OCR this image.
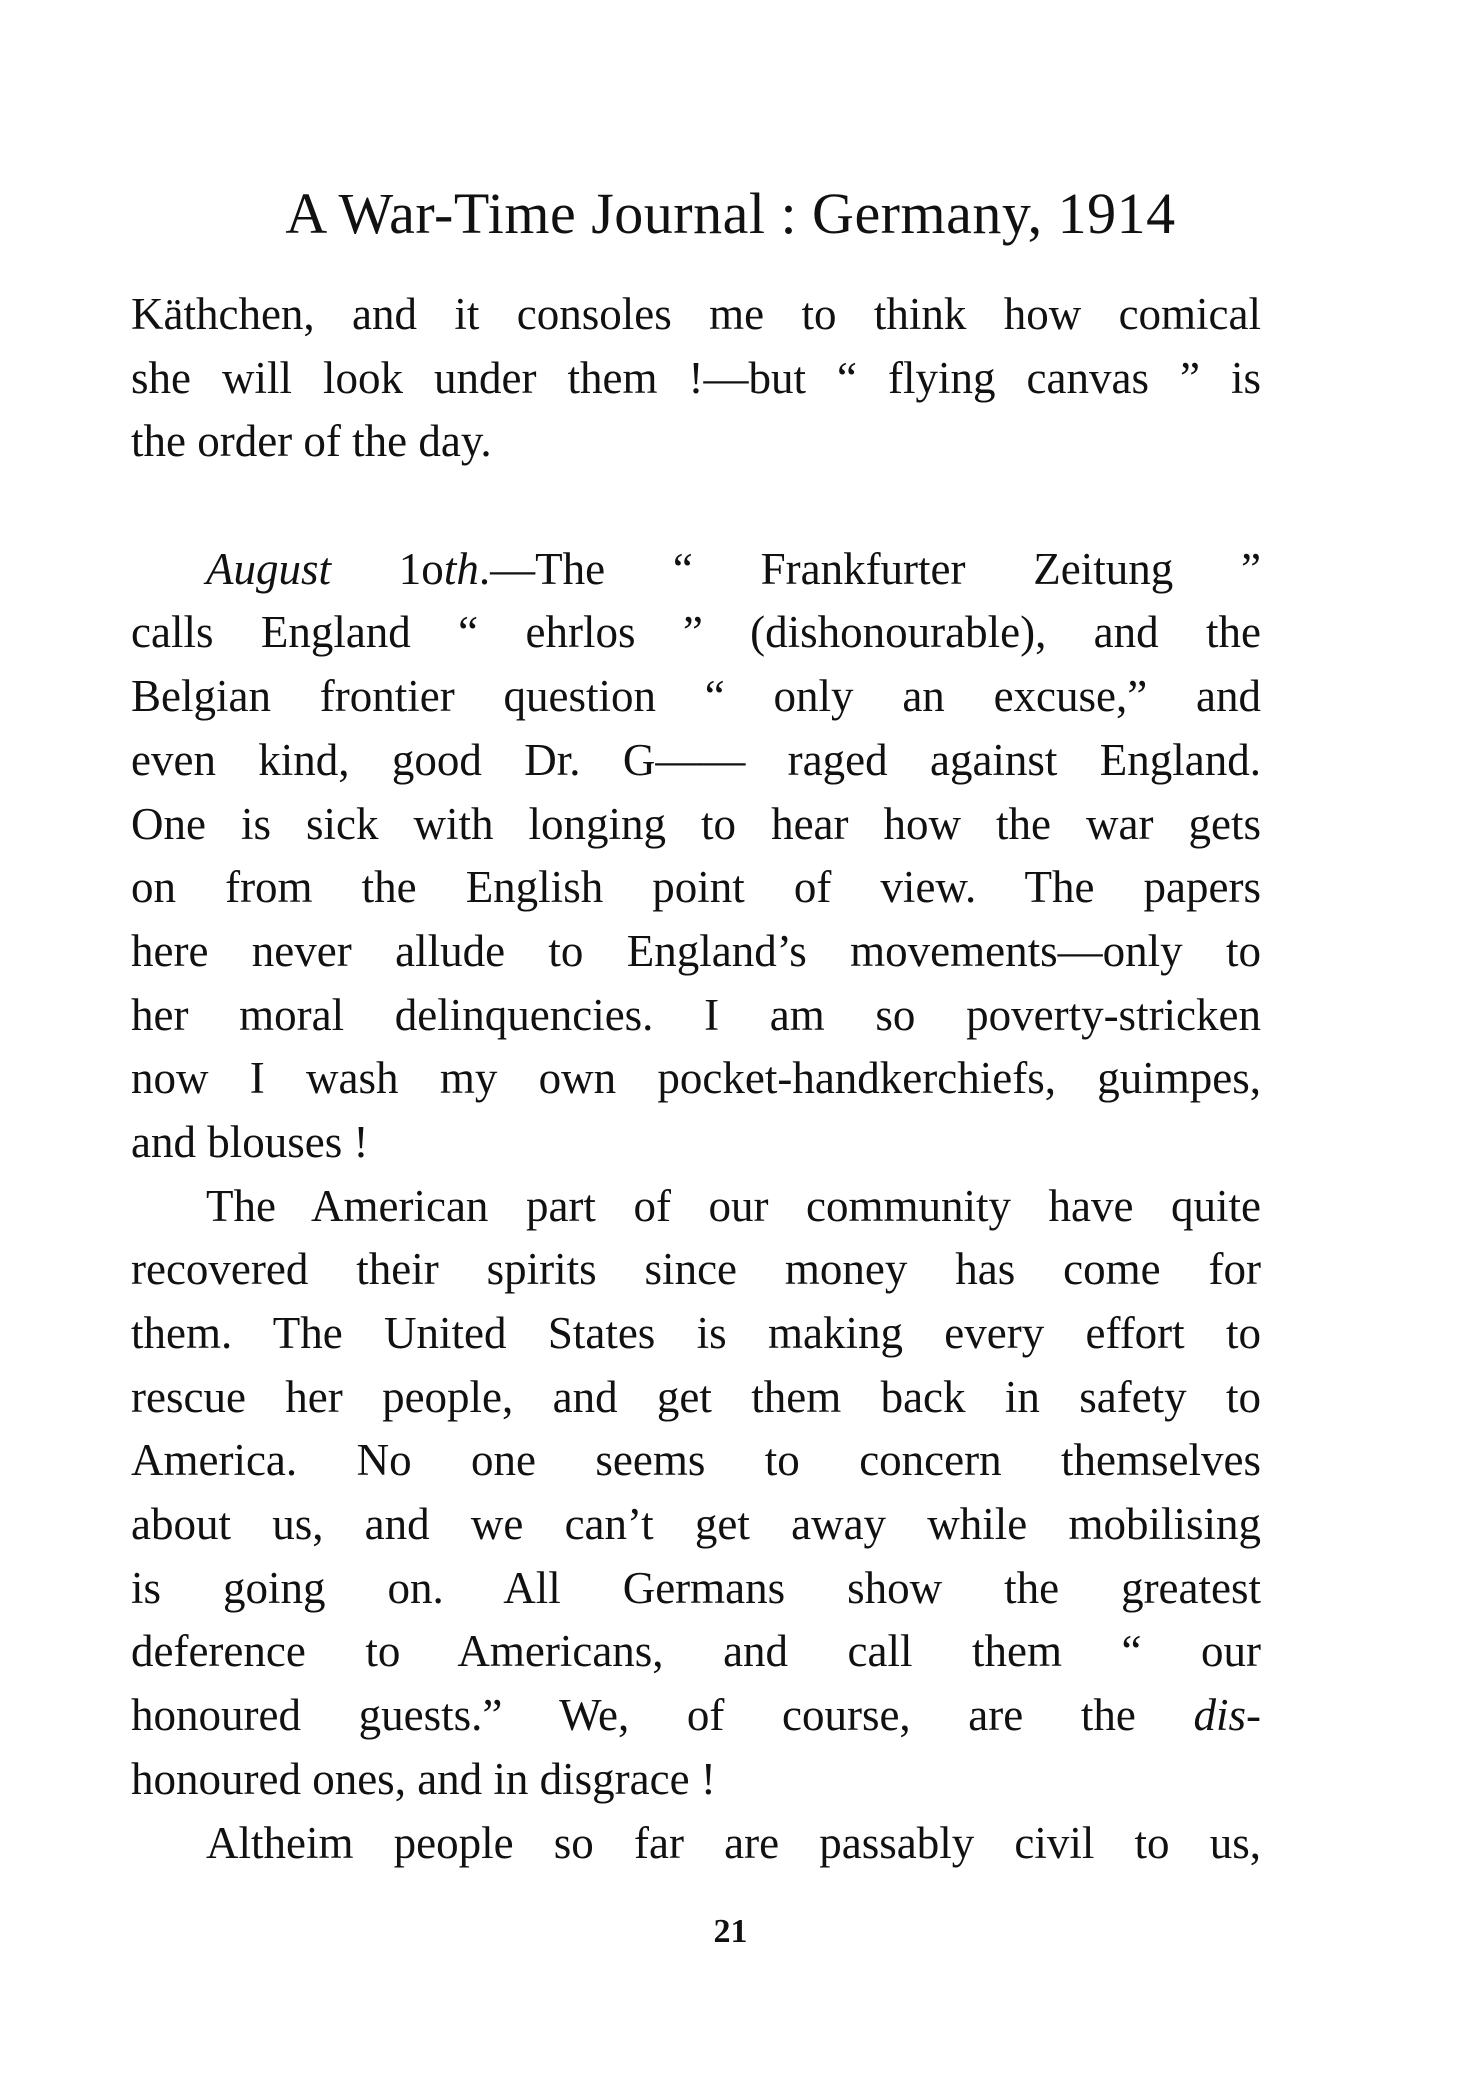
A War-Time Journal : Germany, 1914
Käthchen, and it consoles me to think how comical
she will look under them !—but “ flying canvas ” is
the order of the day.
August 1oth.—The “ Frankfurter Zeitung ”
calls England “ ehrlos ” (dishonourable), and the
Belgian frontier question “ only an excuse,” and
even kind, good Dr. G—— raged against England.
One is sick with longing to hear how the war gets
on from the English point of view. The papers
here never allude to England’s movements—only to
her moral delinquencies. I am so poverty-stricken
now I wash my own pocket-handkerchiefs, guimpes,
and blouses !
The American part of our community have quite
recovered their spirits since money has come for
them. The United States is making every effort to
rescue her people, and get them back in safety to
America. No one seems to concern themselves
about us, and we can’t get away while mobilising
is going on. All Germans show the greatest
deference to Americans, and call them “ our
honoured guests.” We, of course, are the dis-
honoured ones, and in disgrace !
Altheim people so far are passably civil to us,
21
